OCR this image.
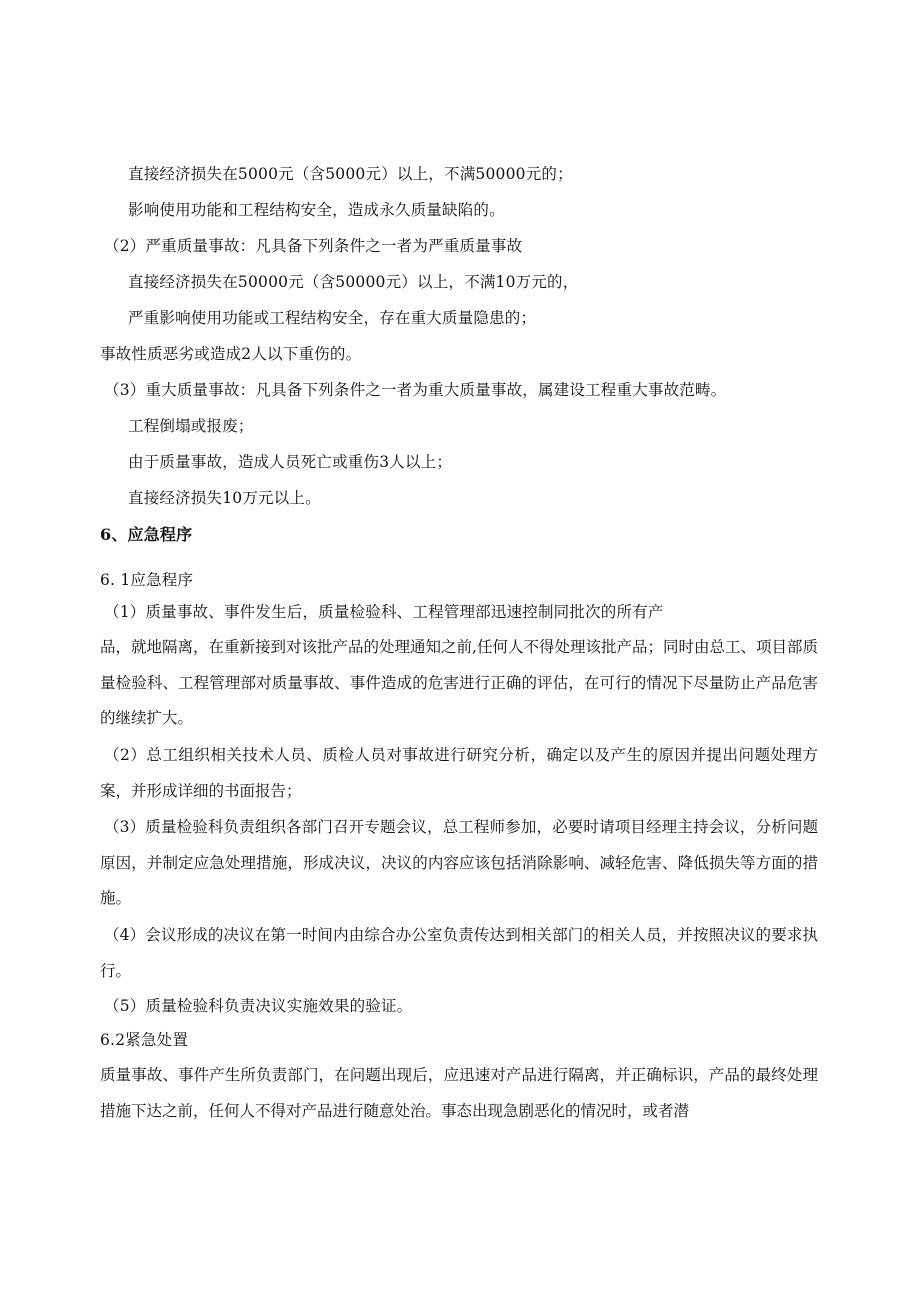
直接经济损失在5000元（含5000元）以上，不满50000元的；
影响使用功能和工程结构安全，造成永久质量缺陷的。
（2）严重质量事故：凡具备下列条件之一者为严重质量事故
直接经济损失在50000元（含50000元）以上，不满10万元的，
严重影响使用功能或工程结构安全，存在重大质量隐患的；
事故性质恶劣或造成2人以下重伤的。
（3）重大质量事故：凡具备下列条件之一者为重大质量事故，属建设工程重大事故范畴。
工程倒塌或报废；
由于质量事故，造成人员死亡或重伤3人以上；
直接经济损失10万元以上。
6、应急程序
6. 1应急程序
（1）质量事故、事件发生后，质量检验科、工程管理部迅速控制同批次的所有产
品，就地隔离，在重新接到对该批产品的处理通知之前,任何人不得处理该批产品；同时由总工、项目部质量检验科、工程管理部对质量事故、事件造成的危害进行正确的评估，在可行的情况下尽量防止产品危害的继续扩大。
（2）总工组织相关技术人员、质检人员对事故进行研究分析，确定以及产生的原因并提出问题处理方案，并形成详细的书面报告；
（3）质量检验科负责组织各部门召开专题会议，总工程师参加，必要时请项目经理主持会议，分析问题原因，并制定应急处理措施，形成决议，决议的内容应该包括消除影响、减轻危害、降低损失等方面的措施。
（4）会议形成的决议在第一时间内由综合办公室负责传达到相关部门的相关人员，并按照决议的要求执行。
（5）质量检验科负责决议实施效果的验证。
6.2紧急处置
质量事故、事件产生所负责部门，在问题出现后，应迅速对产品进行隔离，并正确标识，产品的最终处理措施下达之前，任何人不得对产品进行随意处治。事态出现急剧恶化的情况时，或者潜
